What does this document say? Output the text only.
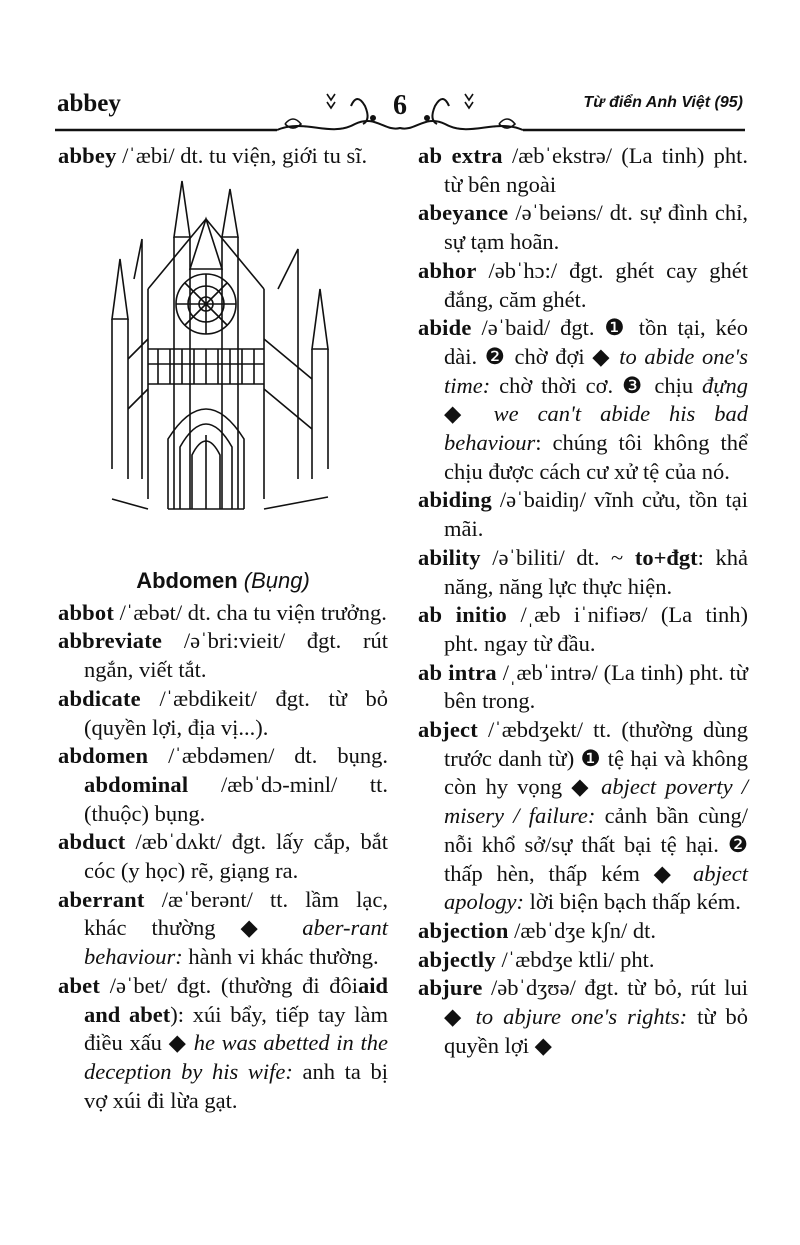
abbey	6	Từ điển Anh Việt (95)
abbey /ˈæbi/ dt. tu viện, giới tu sĩ.
Abdomen (Bụng)
abbot /ˈæbət/ dt. cha tu viện trưởng.
abbreviate /əˈbri:vieit/ đgt. rút ngắn, viết tắt.
abdicate /ˈæbdikeit/ đgt. từ bỏ (quyền lợi, địa vị...).
abdomen /ˈæbdəmen/ dt. bụng. abdominal /æbˈdɔ-minl/ tt. (thuộc) bụng.
abduct /æbˈdʌkt/ đgt. lấy cắp, bắt cóc (y học) rẽ, giạng ra.
aberrant /æˈberənt/ tt. lầm lạc, khác thường ◆ aber-rant behaviour: hành vi khác thường.
abet /əˈbet/ đgt. (thường đi đôiaid and abet): xúi bẩy, tiếp tay làm điều xấu ◆ he was abetted in the deception by his wife: anh ta bị vợ xúi đi lừa gạt.
ab extra /æbˈekstrə/ (La tinh) pht. từ bên ngoài
abeyance /əˈbeiəns/ dt. sự đình chỉ, sự tạm hoãn.
abhor /əbˈhɔ:/ đgt. ghét cay ghét đắng, căm ghét.
abide /əˈbaid/ đgt. ❶ tồn tại, kéo dài. ❷ chờ đợi ◆ to abide one's time: chờ thời cơ. ❸ chịu đựng ◆ we can't abide his bad behaviour: chúng tôi không thể chịu được cách cư xử tệ của nó.
abiding /əˈbaidiŋ/ vĩnh cửu, tồn tại mãi.
ability /əˈbiliti/ dt. ~ to+đgt: khả năng, năng lực thực hiện.
ab initio /ˌæb iˈnifiəʊ/ (La tinh) pht. ngay từ đầu.
ab intra /ˌæbˈintrə/ (La tinh) pht. từ bên trong.
abject /ˈæbdʒekt/ tt. (thường dùng trước danh từ) ❶ tệ hại và không còn hy vọng ◆ abject poverty / misery / failure: cảnh bần cùng/ nỗi khổ sở/sự thất bại tệ hại. ❷ thấp hèn, thấp kém ◆ abject apology: lời biện bạch thấp kém.
abjection /æbˈdʒe kʃn/ dt.
abjectly /ˈæbdʒe ktli/ pht.
abjure /əbˈdʒʊə/ đgt. từ bỏ, rút lui ◆ to abjure one's rights: từ bỏ quyền lợi ◆
